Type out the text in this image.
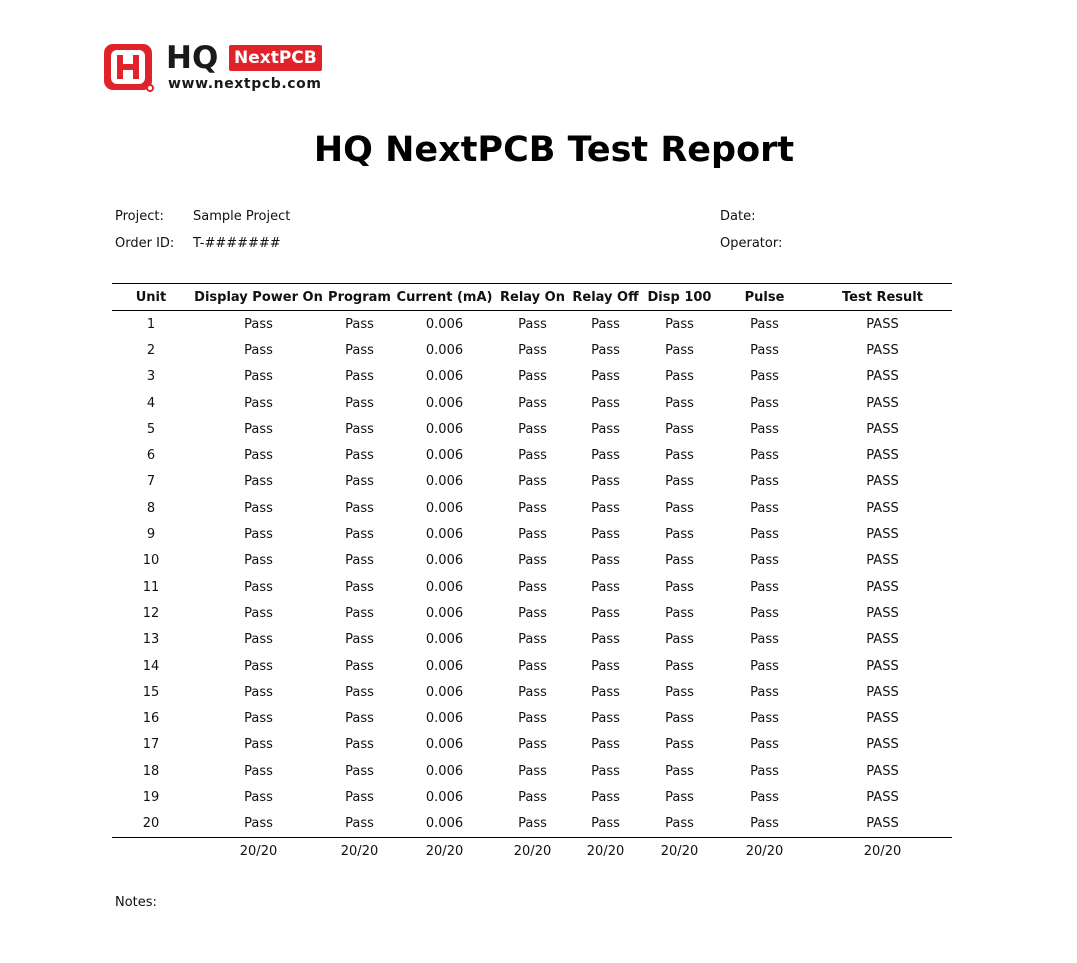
HQ NextPCB
www.nextpcb.com
HQ NextPCB Test Report
Project: Sample Project
Order ID: T-#######
Date:
Operator:
Unit	Display Power On	Program	Current (mA)	Relay On	Relay Off	Disp 100	Pulse	Test Result
1	Pass	Pass	0.006	Pass	Pass	Pass	Pass	PASS
2	Pass	Pass	0.006	Pass	Pass	Pass	Pass	PASS
3	Pass	Pass	0.006	Pass	Pass	Pass	Pass	PASS
4	Pass	Pass	0.006	Pass	Pass	Pass	Pass	PASS
5	Pass	Pass	0.006	Pass	Pass	Pass	Pass	PASS
6	Pass	Pass	0.006	Pass	Pass	Pass	Pass	PASS
7	Pass	Pass	0.006	Pass	Pass	Pass	Pass	PASS
8	Pass	Pass	0.006	Pass	Pass	Pass	Pass	PASS
9	Pass	Pass	0.006	Pass	Pass	Pass	Pass	PASS
10	Pass	Pass	0.006	Pass	Pass	Pass	Pass	PASS
11	Pass	Pass	0.006	Pass	Pass	Pass	Pass	PASS
12	Pass	Pass	0.006	Pass	Pass	Pass	Pass	PASS
13	Pass	Pass	0.006	Pass	Pass	Pass	Pass	PASS
14	Pass	Pass	0.006	Pass	Pass	Pass	Pass	PASS
15	Pass	Pass	0.006	Pass	Pass	Pass	Pass	PASS
16	Pass	Pass	0.006	Pass	Pass	Pass	Pass	PASS
17	Pass	Pass	0.006	Pass	Pass	Pass	Pass	PASS
18	Pass	Pass	0.006	Pass	Pass	Pass	Pass	PASS
19	Pass	Pass	0.006	Pass	Pass	Pass	Pass	PASS
20	Pass	Pass	0.006	Pass	Pass	Pass	Pass	PASS
	20/20	20/20	20/20	20/20	20/20	20/20	20/20	20/20
Notes:
